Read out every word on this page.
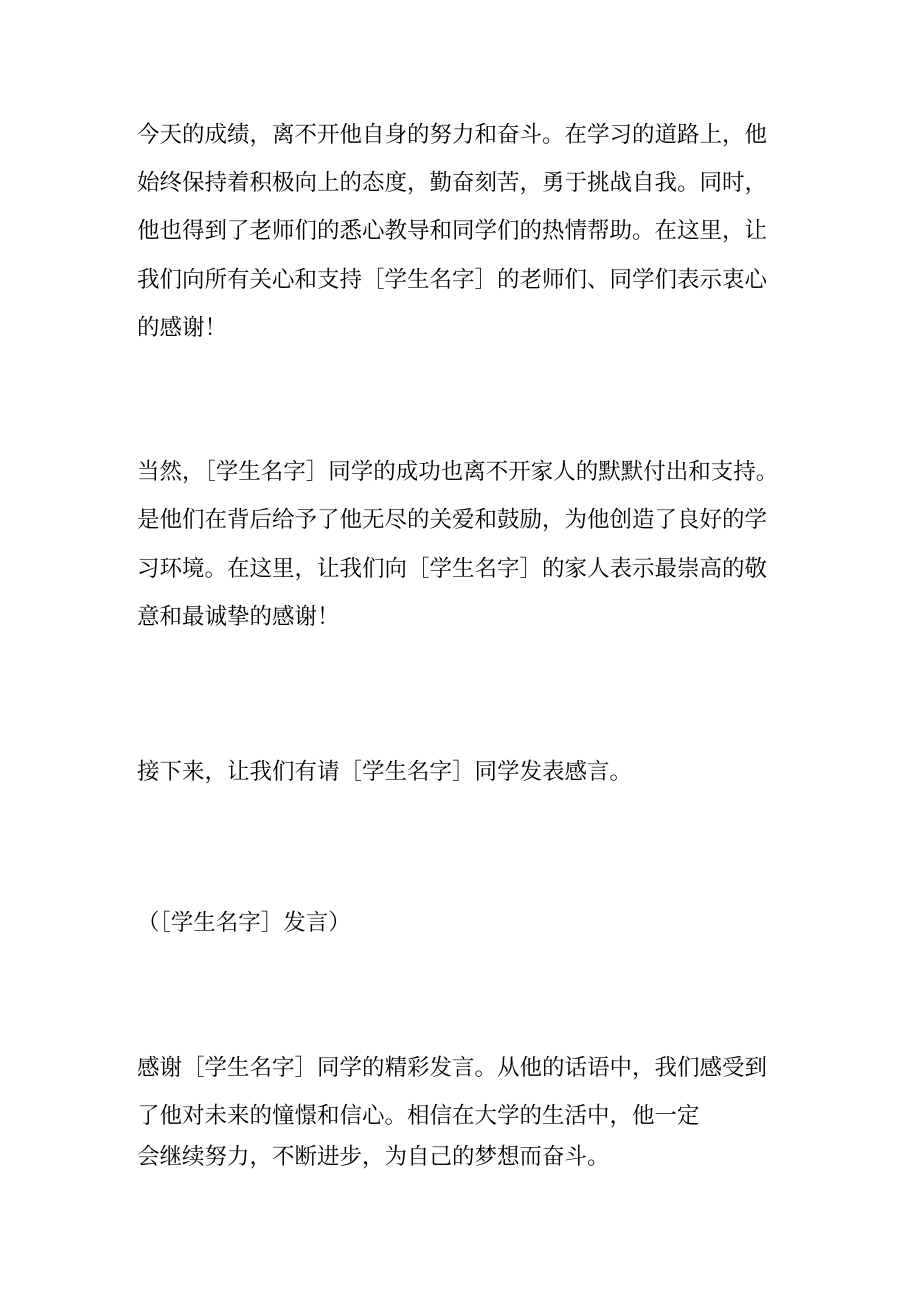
今天的成绩，离不开他自身的努力和奋斗。在学习的道路上，他
始终保持着积极向上的态度，勤奋刻苦，勇于挑战自我。同时，
他也得到了老师们的悉心教导和同学们的热情帮助。在这里，让
我们向所有关心和支持［学生名字］的老师们、同学们表示衷心
的感谢！
当然，［学生名字］同学的成功也离不开家人的默默付出和支持。
是他们在背后给予了他无尽的关爱和鼓励，为他创造了良好的学
习环境。在这里，让我们向［学生名字］的家人表示最崇高的敬
意和最诚挚的感谢！
接下来，让我们有请［学生名字］同学发表感言。
（［学生名字］发言）
感谢［学生名字］同学的精彩发言。从他的话语中，我们感受到
了他对未来的憧憬和信心。相信在大学的生活中，他一定
会继续努力，不断进步，为自己的梦想而奋斗。
